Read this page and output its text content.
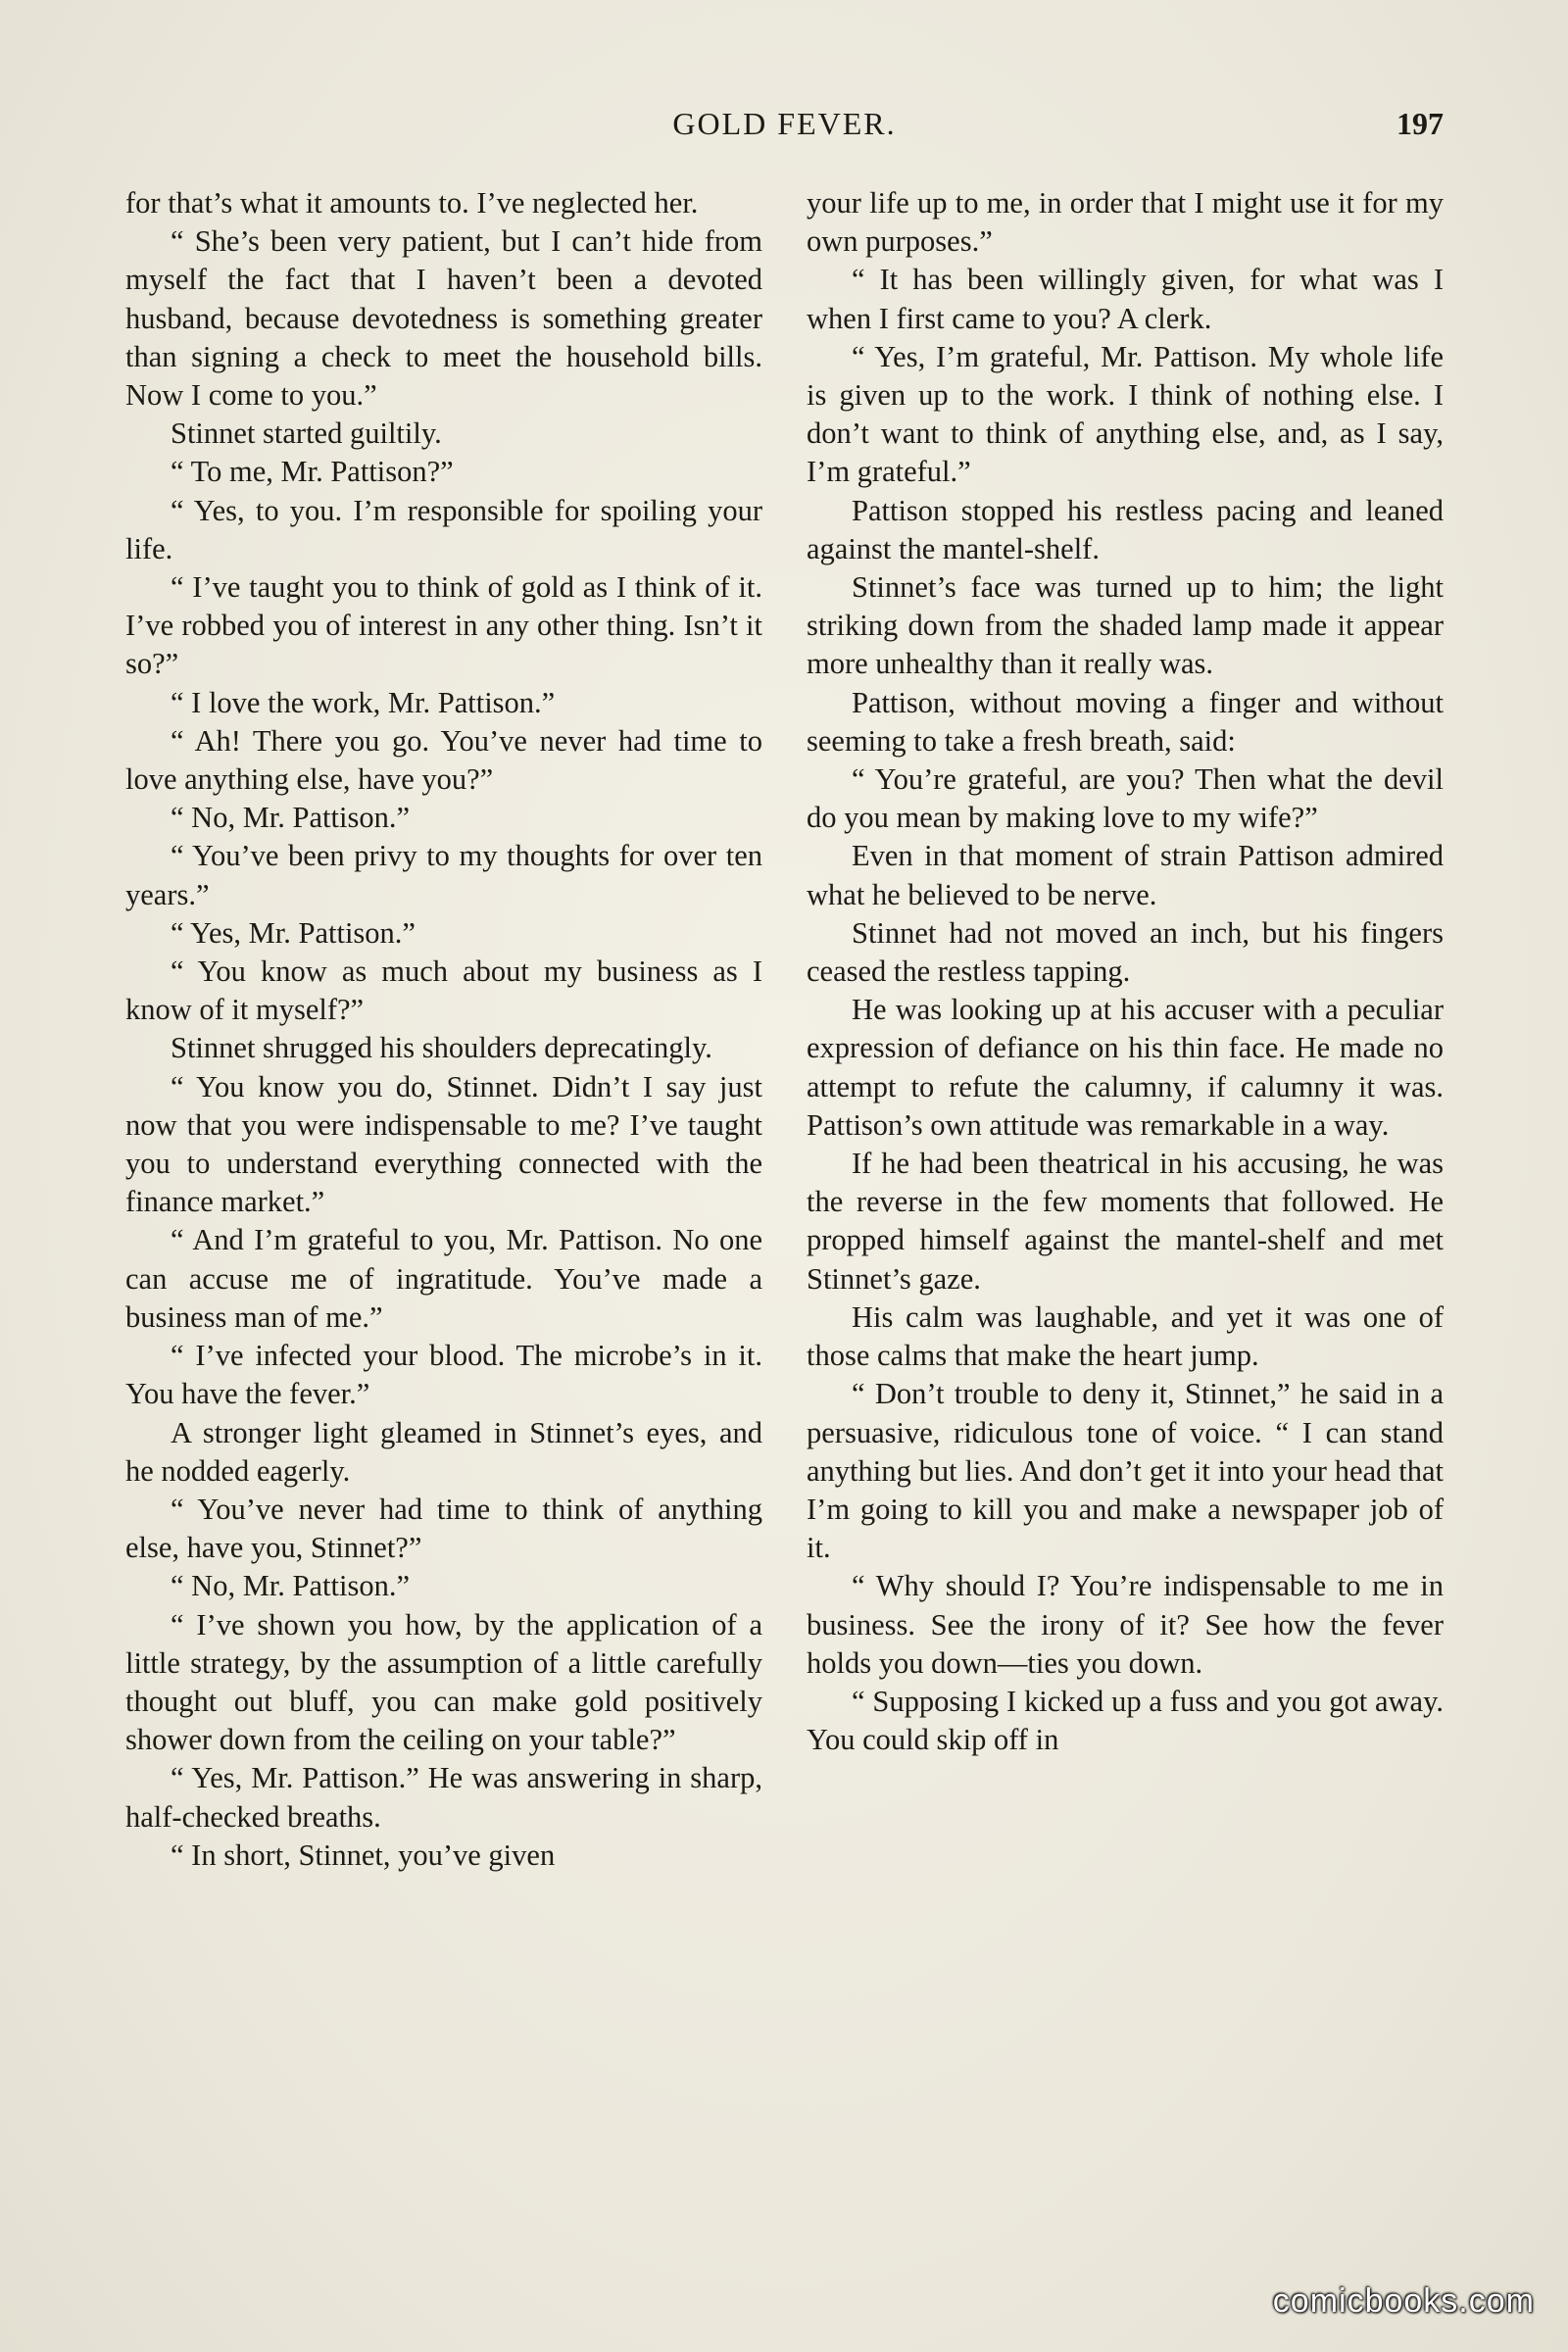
GOLD FEVER.	197

for that’s what it amounts to. I’ve neglected her.

“ She’s been very patient, but I can’t hide from myself the fact that I haven’t been a devoted husband, because devotedness is something greater than signing a check to meet the household bills. Now I come to you.”

Stinnet started guiltily.

“ To me, Mr. Pattison?”

“ Yes, to you. I’m responsible for spoiling your life.

“ I’ve taught you to think of gold as I think of it. I’ve robbed you of interest in any other thing. Isn’t it so?”

“ I love the work, Mr. Pattison.”

“ Ah! There you go. You’ve never had time to love anything else, have you?”

“ No, Mr. Pattison.”

“ You’ve been privy to my thoughts for over ten years.”

“ Yes, Mr. Pattison.”

“ You know as much about my business as I know of it myself?”

Stinnet shrugged his shoulders deprecatingly.

“ You know you do, Stinnet. Didn’t I say just now that you were indispensable to me? I’ve taught you to understand everything connected with the finance market.”

“ And I’m grateful to you, Mr. Pattison. No one can accuse me of ingratitude. You’ve made a business man of me.”

“ I’ve infected your blood. The microbe’s in it. You have the fever.”

A stronger light gleamed in Stinnet’s eyes, and he nodded eagerly.

“ You’ve never had time to think of anything else, have you, Stinnet?”

“ No, Mr. Pattison.”

“ I’ve shown you how, by the application of a little strategy, by the assumption of a little carefully thought out bluff, you can make gold positively shower down from the ceiling on your table?”

“ Yes, Mr. Pattison.” He was answering in sharp, half-checked breaths.

“ In short, Stinnet, you’ve given

your life up to me, in order that I might use it for my own purposes.”

“ It has been willingly given, for what was I when I first came to you? A clerk.

“ Yes, I’m grateful, Mr. Pattison. My whole life is given up to the work. I think of nothing else. I don’t want to think of anything else, and, as I say, I’m grateful.”

Pattison stopped his restless pacing and leaned against the mantel-shelf.

Stinnet’s face was turned up to him; the light striking down from the shaded lamp made it appear more unhealthy than it really was.

Pattison, without moving a finger and without seeming to take a fresh breath, said:

“ You’re grateful, are you? Then what the devil do you mean by making love to my wife?”

Even in that moment of strain Pattison admired what he believed to be nerve.

Stinnet had not moved an inch, but his fingers ceased the restless tapping.

He was looking up at his accuser with a peculiar expression of defiance on his thin face. He made no attempt to refute the calumny, if calumny it was. Pattison’s own attitude was remarkable in a way.

If he had been theatrical in his accusing, he was the reverse in the few moments that followed. He propped himself against the mantel-shelf and met Stinnet’s gaze.

His calm was laughable, and yet it was one of those calms that make the heart jump.

“ Don’t trouble to deny it, Stinnet,” he said in a persuasive, ridiculous tone of voice. “ I can stand anything but lies. And don’t get it into your head that I’m going to kill you and make a newspaper job of it.

“ Why should I? You’re indispensable to me in business. See the irony of it? See how the fever holds you down—ties you down.

“ Supposing I kicked up a fuss and you got away. You could skip off in

comicbooks.com
